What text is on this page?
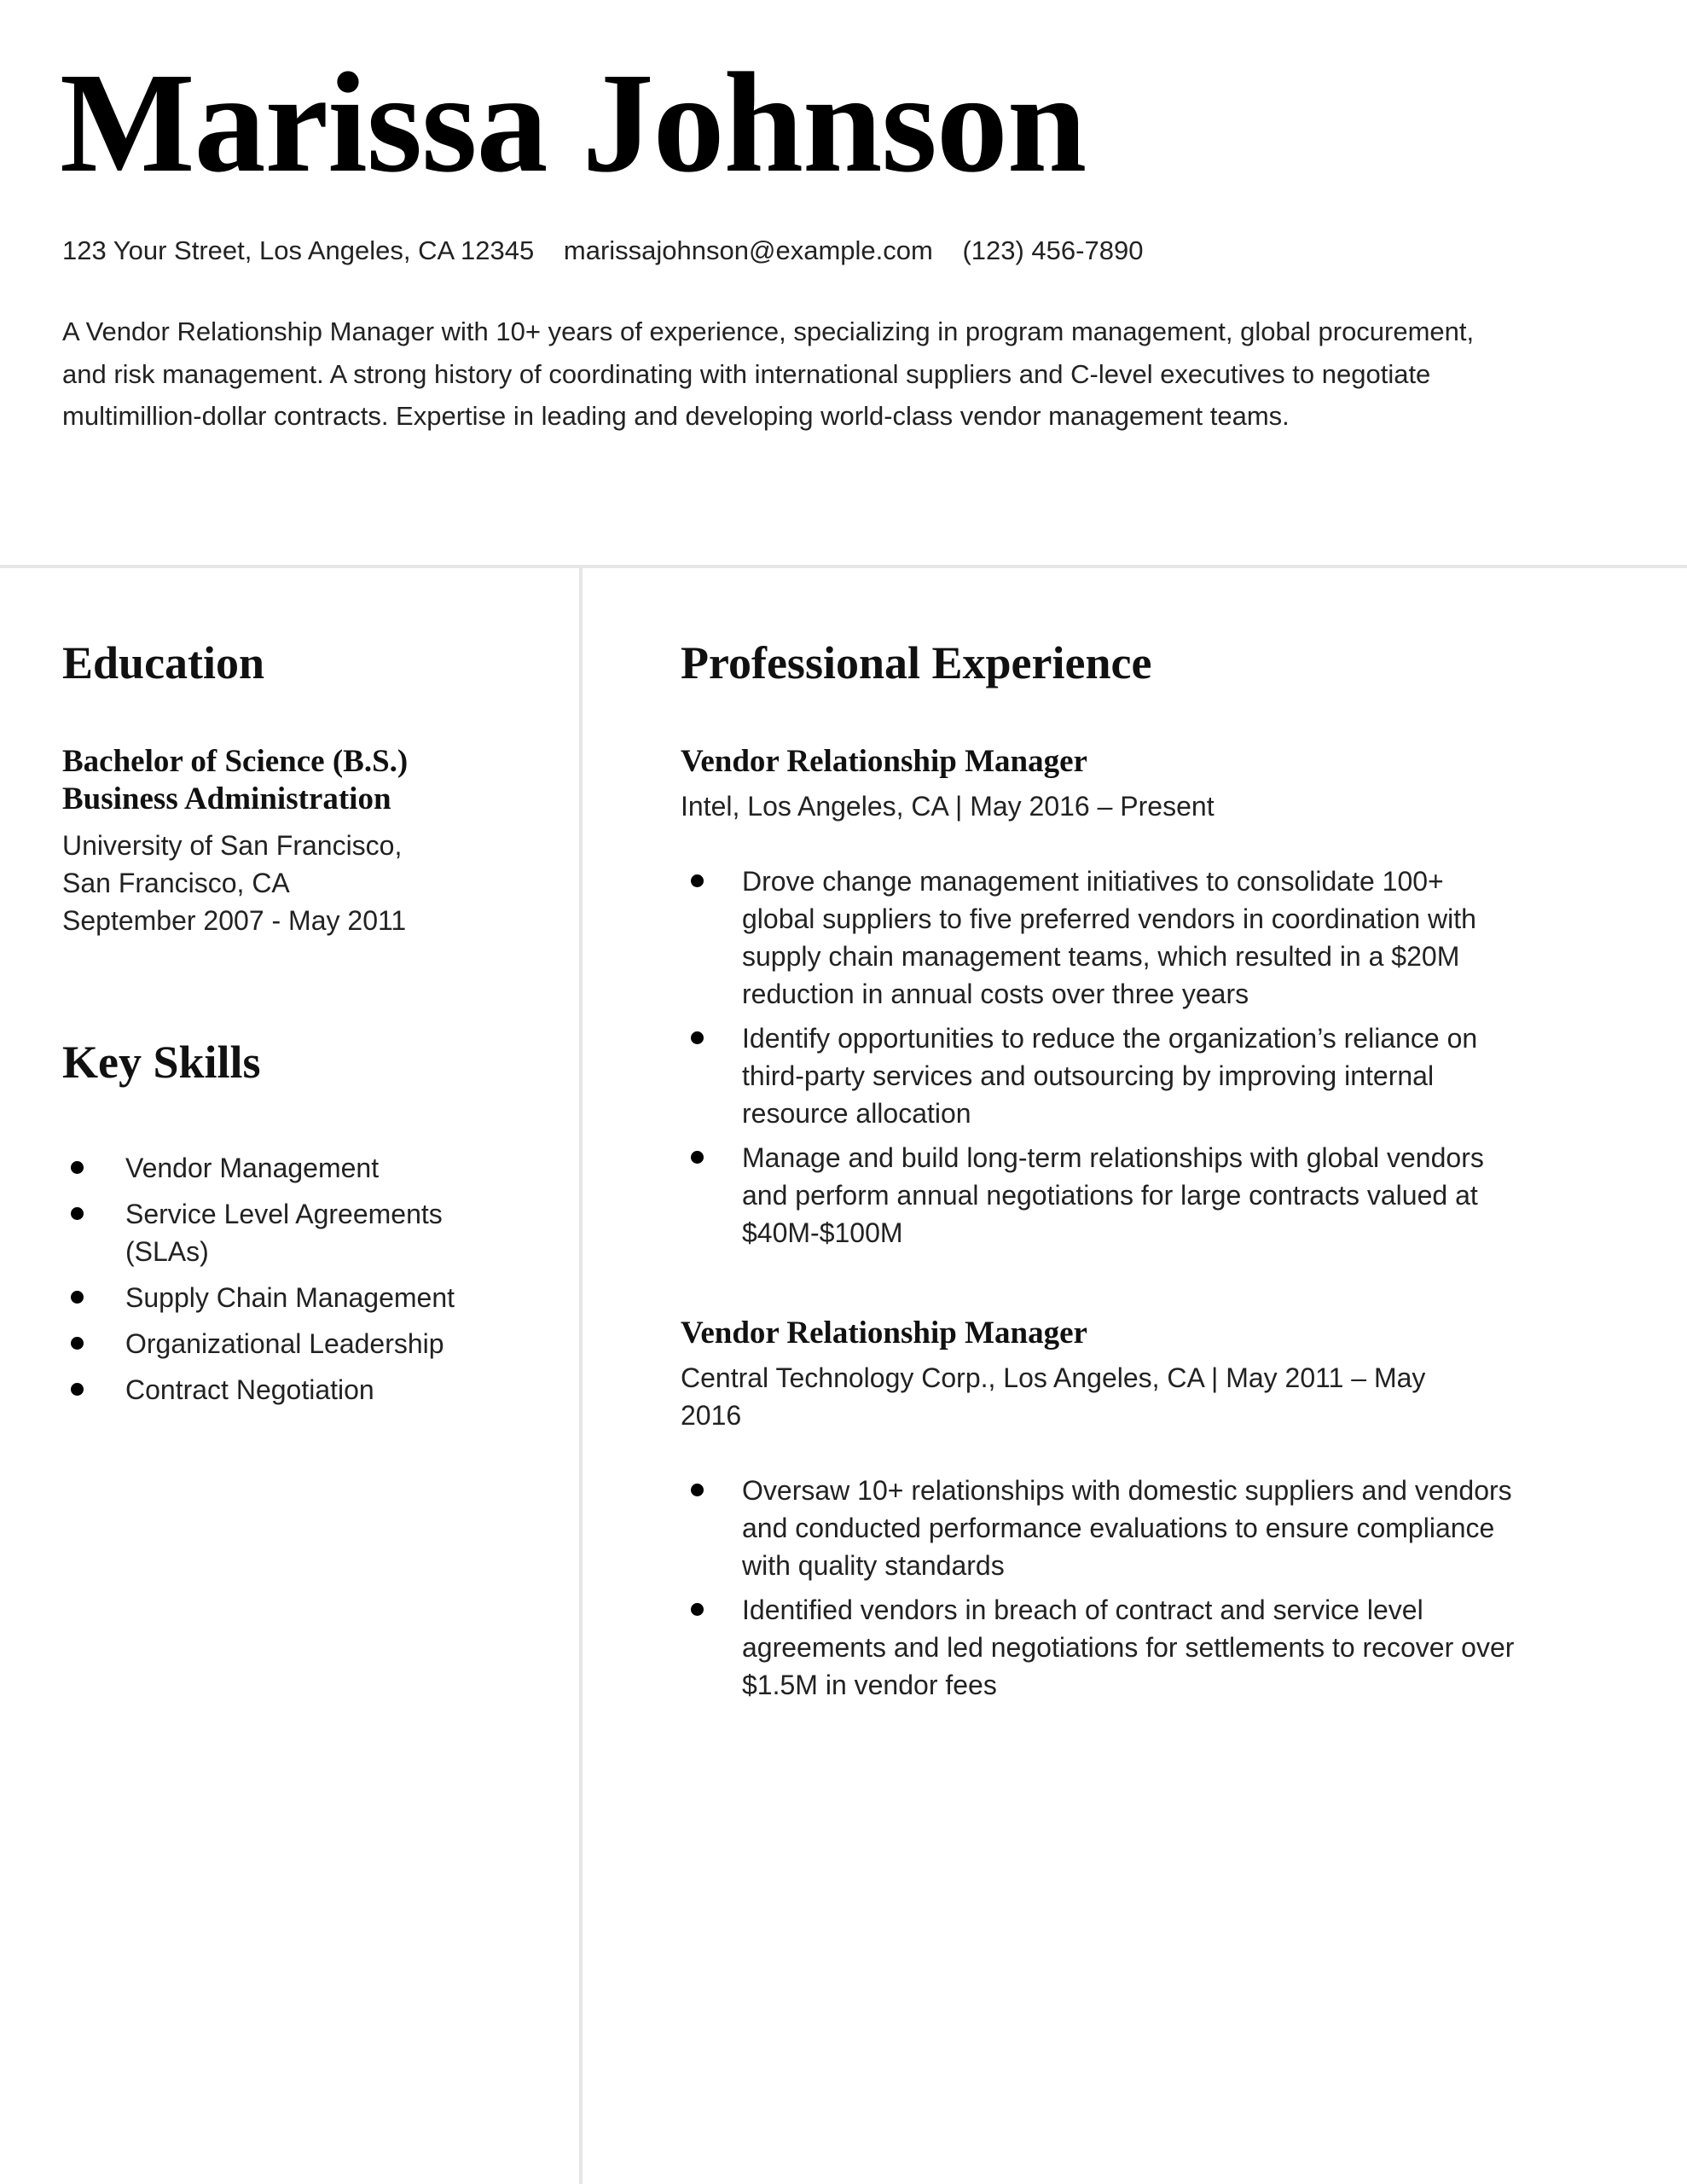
Marissa Johnson
123 Your Street, Los Angeles, CA 12345 marissajohnson@example.com (123) 456-7890

A Vendor Relationship Manager with 10+ years of experience, specializing in program management, global procurement, and risk management. A strong history of coordinating with international suppliers and C-level executives to negotiate multimillion-dollar contracts. Expertise in leading and developing world-class vendor management teams.

Education
Bachelor of Science (B.S.)
Business Administration
University of San Francisco,
San Francisco, CA
September 2007 - May 2011
Key Skills
Vendor Management
Service Level Agreements (SLAs)
Supply Chain Management
Organizational Leadership
Contract Negotiation
Professional Experience
Vendor Relationship Manager
Intel, Los Angeles, CA | May 2016 – Present
Drove change management initiatives to consolidate 100+ global suppliers to five preferred vendors in coordination with supply chain management teams, which resulted in a $20M reduction in annual costs over three years
Identify opportunities to reduce the organization’s reliance on third-party services and outsourcing by improving internal resource allocation
Manage and build long-term relationships with global vendors and perform annual negotiations for large contracts valued at $40M-$100M
Vendor Relationship Manager
Central Technology Corp., Los Angeles, CA | May 2011 – May 2016
Oversaw 10+ relationships with domestic suppliers and vendors and conducted performance evaluations to ensure compliance with quality standards
Identified vendors in breach of contract and service level agreements and led negotiations for settlements to recover over $1.5M in vendor fees
